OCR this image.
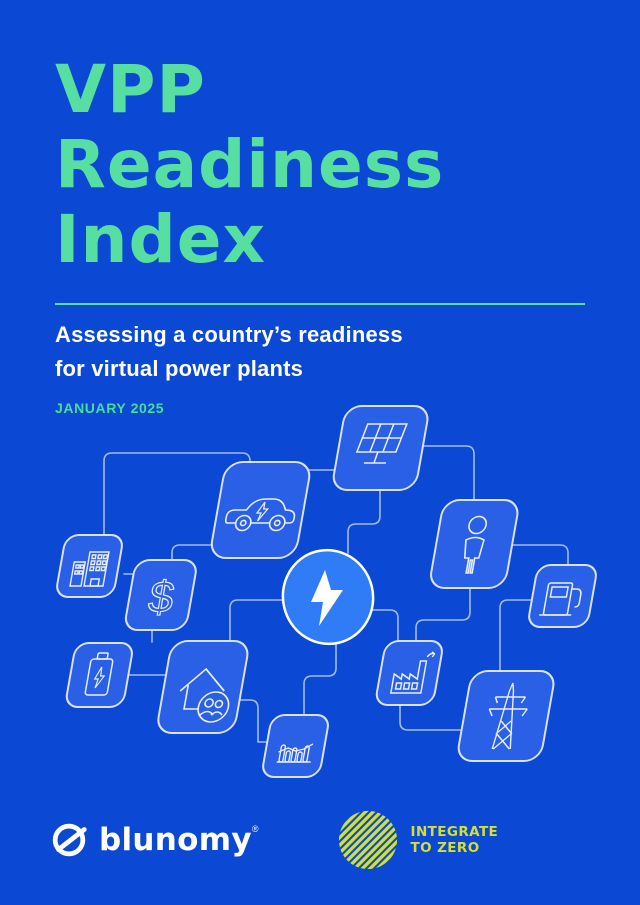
VPP
Readiness
Index
Assessing a country’s readiness
for virtual power plants
JANUARY 2025
$
blunomy®	INTEGRATE
TO ZERO
